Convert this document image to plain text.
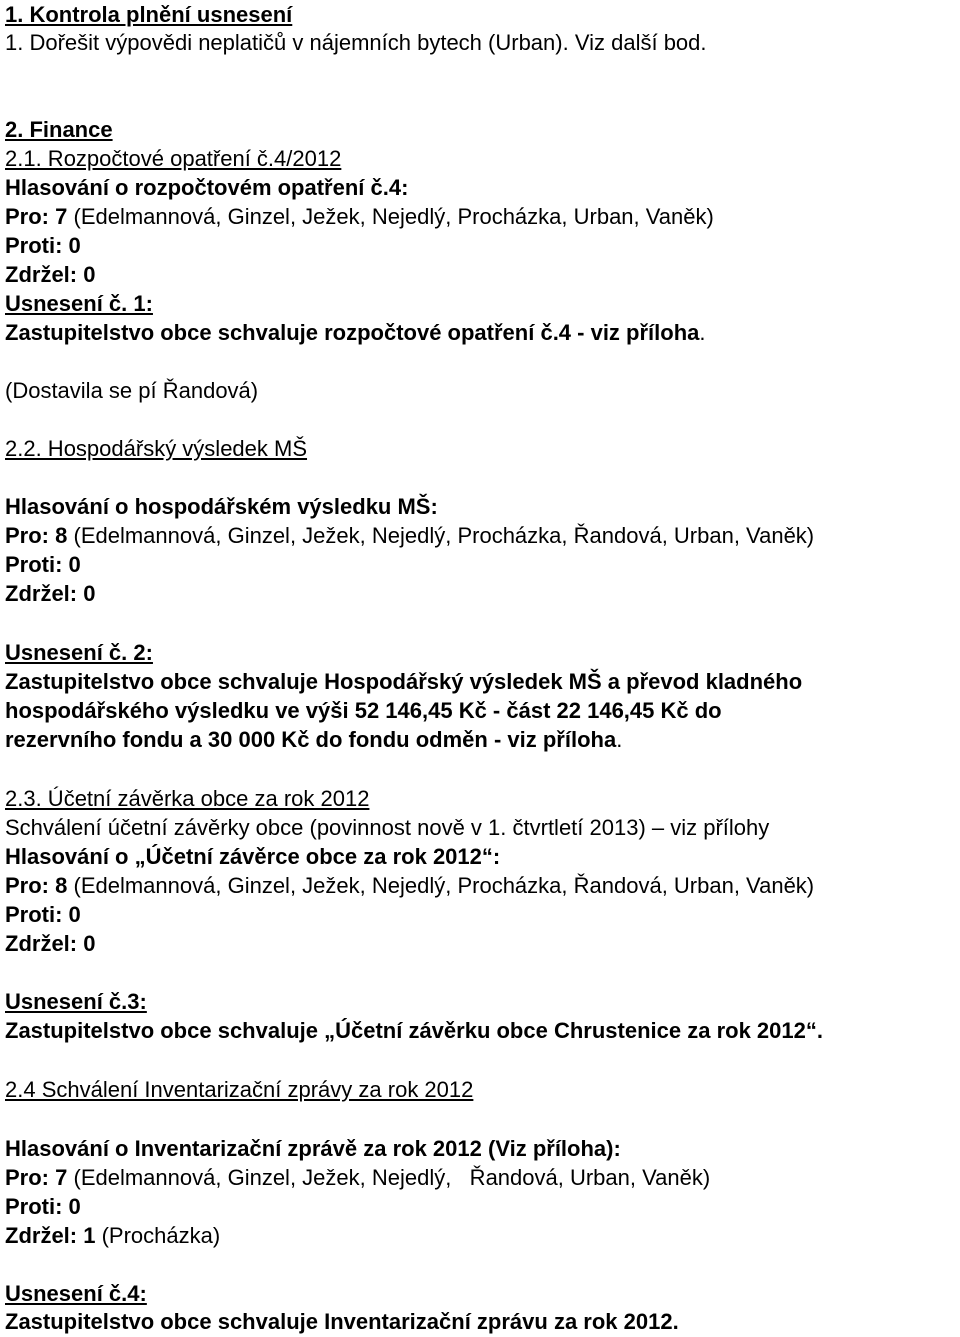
1. Kontrola plnění usnesení
1. Dořešit výpovědi neplatičů v nájemních bytech (Urban). Viz další bod.
2. Finance
2.1. Rozpočtové opatření č.4/2012
Hlasování o rozpočtovém opatření č.4:
Pro: 7 (Edelmannová, Ginzel, Ježek, Nejedlý, Procházka, Urban, Vaněk)
Proti: 0
Zdržel: 0
Usnesení č. 1:
Zastupitelstvo obce schvaluje rozpočtové opatření č.4 - viz příloha.
(Dostavila se pí Řandová)
2.2. Hospodářský výsledek MŠ
Hlasování o hospodářském výsledku MŠ:
Pro: 8 (Edelmannová, Ginzel, Ježek, Nejedlý, Procházka, Řandová, Urban, Vaněk)
Proti: 0
Zdržel: 0
Usnesení č. 2:
Zastupitelstvo obce schvaluje Hospodářský výsledek MŠ a převod kladného
hospodářského výsledku ve výši 52 146,45 Kč - část 22 146,45 Kč do
rezervního fondu a 30 000 Kč do fondu odměn - viz příloha.
2.3. Účetní závěrka obce za rok 2012
Schválení účetní závěrky obce (povinnost nově v 1. čtvrtletí 2013) – viz přílohy
Hlasování o „Účetní závěrce obce za rok 2012“:
Pro: 8 (Edelmannová, Ginzel, Ježek, Nejedlý, Procházka, Řandová, Urban, Vaněk)
Proti: 0
Zdržel: 0
Usnesení č.3:
Zastupitelstvo obce schvaluje „Účetní závěrku obce Chrustenice za rok 2012“.
2.4 Schválení Inventarizační zprávy za rok 2012
Hlasování o Inventarizační zprávě za rok 2012 (Viz příloha):
Pro: 7 (Edelmannová, Ginzel, Ježek, Nejedlý,   Řandová, Urban, Vaněk)
Proti: 0
Zdržel: 1 (Procházka)
Usnesení č.4:
Zastupitelstvo obce schvaluje Inventarizační zprávu za rok 2012.
